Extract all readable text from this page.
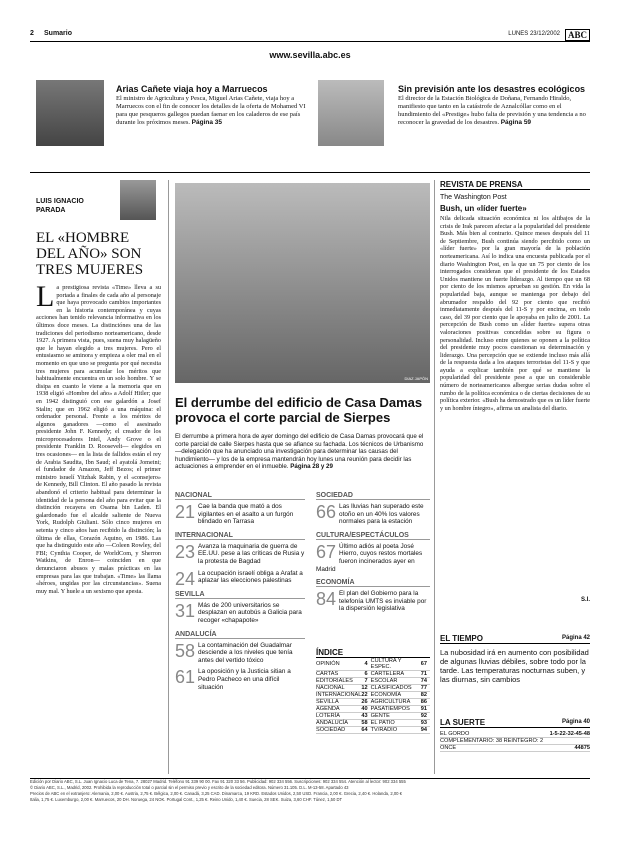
2 Sumario	LUNES 23/12/2002 ABC
www.sevilla.abc.es
Arias Cañete viaja hoy a Marruecos

El ministro de Agricultura y Pesca, Miguel Arias Cañete, viaja hoy a Marruecos con el fin de conocer los detalles de la oferta de Mohamed VI para que pesqueros gallegos puedan faenar en los caladeros de ese país durante los próximos meses. Página 35

Sin previsión ante los desastres ecológicos

El director de la Estación Biológica de Doñana, Fernando Hiraldo, manifiesto que tanto en la catástrofe de Aznalcóllar como en el hundimiento del «Prestige» hubo falta de previsión y una tendencia a no reconocer la gravedad de los desastres. Página 59

LUIS IGNACIO PARADA
EL «HOMBRE DEL AÑO» SON TRES MUJERES
La prestigiosa revista «Time» lleva a su portada a finales de cada año al personaje que haya provocado cambios importantes en la historia contemporánea y cuyas acciones han tenido relevancia informativa en los últimos doce meses. La distinciónes una de las tradiciones del periodismo norteamericano, desde 1927. A primera vista, pues, suena muy halagüeño que le hayan elegido a tres mujeres. Pero el entusiasmo se aminora y empieza a oler mal en el momento en que uno se pregunta por qué necesita tres mujeres para acumular los méritos que habitualmente encuentra en un solo hombre. Y se disipa en cuanto le viene a la memoria que en 1938 eligió «Hombre del año» a Adolf Hitler; que en 1942 distinguió con ese galardón a Josef Stalin; que en 1962 eligió a una máquina: el ordenador personal. Frente a los méritos de algunos ganadores —como el asesinado presidente John F. Kennedy; el creador de los microprocesadores Intel, Andy Grove o el presidente Franklin D. Roosevelt— elegidos en tres ocasiones— en la lista de fallidos están el rey de Arabia Saudita, Ibn Saud; el ayatolá Jomeini; el fundador de Amazon, Jeff Bezos; el primer ministro israelí Yitzhak Rabin, y el «consejero» de Kennedy, Bill Clinton. El año pasado la revista abandonó el criterio habitual para determinar la identidad de la persona del año para evitar que la distinción recayera en Osama bin Laden. El galardonado fue el alcalde saliente de Nueva York, Rudolph Giuliani. Sólo cinco mujeres en setenta y cinco años han recibido la distinción; la última de ellas, Corazón Aquino, en 1986. Las que ha distinguido este año —Coleen Rowley, del FBI; Cynthia Cooper, de WorldCom, y Sherron Watkins, de Enron— coinciden en que denunciaron abusos y malas prácticas en las empresas para las que trabajan. «Time» las llama «héroes, ungidas por las circunstancias». Suena muy mal. Y huele a un sexismo que apesta.
DIAZ JAPÓN
El derrumbe del edificio de Casa Damas provoca el corte parcial de Sierpes
El derrumbe a primera hora de ayer domingo del edificio de Casa Damas provocará que el corte parcial de calle Sierpes hasta que se afiance su fachada. Los técnicos de Urbanismo —delegación que ha anunciado una investigación para determinar las causas del hundimiento— y los de la empresa mantendrán hoy lunes una reunión para decidir las actuaciones a emprender en el inmueble. Página 28 y 29
NACIONAL
21 Cae la banda que mató a dos vigilantes en el asalto a un furgón blindado en Tarrasa
INTERNACIONAL
23 Avanza la maquinaria de guerra de EE.UU. pese a las críticas de Rusia y la protesta de Bagdad
24 La ocupación israelí obliga a Arafat a aplazar las elecciones palestinas
SEVILLA
31 Más de 200 universitarios se desplazan en autobús a Galicia para recoger «chapapote»
ANDALUCÍA
58 La contaminación del Guadalmar desciende a los niveles que tenía antes del vertido tóxico
61 La oposición y la Justicia sitian a Pedro Pacheco en una difícil situación
SOCIEDAD
66 Las lluvias han superado este otoño en un 40% los valores normales para la estación
CULTURA/ESPECTÁCULOS
67 Último adiós al poeta José Hierro, cuyos restos mortales fueron incinerados ayer en Madrid
ECONOMÍA
84 El plan del Gobierno para la telefonía UMTS es inviable por la dispersión legislativa
ÍNDICE
OPINIÓN	4	CULTURA Y ESPEC.	67
CARTAS	6	CARTELERA	71
EDITORIALES	7	ESCOLAR	74
NACIONAL	12	CLASIFICADOS	77
INTERNACIONAL	22	ECONOMÍA	82
SEVILLA	26	AGRICULTURA	86
AGENDA	40	PASATIEMPOS	91
LOTERÍA	43	GENTE	92
ANDALUCÍA	58	EL PATIO	93
SOCIEDAD	64	TV/RADIO	94
REVISTA DE PRENSA
The Washington Post
Bush, un «líder fuerte»
Nila delicada situación económica ni los altibajos de la crisis de Irak parecen afectar a la popularidad del presidente Bush. Más bien al contrario. Quince meses después del 11 de Septiembre, Bush continúa siendo percibido como un «líder fuerte» por la gran mayoría de la población norteamericana. Así lo indica una encuesta publicada por el diario Washington Post, en la que un 75 por ciento de los interrogados consideran que el presidente de los Estados Unidos mantiene un fuerte liderazgo. Al tiempo que un 68 por ciento de los mismos aprueban su gestión. En vida la popularidad baja, aunque se mantenga por debajo del abrumador respaldo del 92 por ciento que recibió inmediatamente después del 11-S y por encima, en todo caso, del 39 por ciento que le apoyaba en julio de 2001. La percepción de Bush como un «líder fuerte» supera otras valoraciones positivas concedidas sobre su figura o personalidad. Incluso entre quienes se oponen a la política del presidente muy pocos cuestionan su determinación y liderazgo. Una percepción que se extiende incluso más allá de la respuesta dada a los ataques terroristas del 11-S y que ayuda a explicar también por qué se mantiene la popularidad del presidente pese a que un considerable número de norteamericanos albergue serias dudas sobre el rumbo de la política económica o de ciertas decisiones de su política exterior. «Bush ha demostrado que es un líder fuerte y un hombre íntegro», afirma un analista del diario.
S.I.
EL TIEMPO	Página 42
La nubosidad irá en aumento con posibilidad de algunas lluvias débiles, sobre todo por la tarde. Las temperaturas nocturnas suben, y las diurnas, sin cambios
LA SUERTE	Página 40
EL GORDO	1-5-22-32-45-48
COMPLEMENTARIO: 38 REINTEGRO: 2	
ONCE	44875
Edición por Diario ABC, S.L. Juan Ignacio Luca de Tena, 7. 28027 Madrid. Teléfono 91 339 90 00. Fax 91 320 33 56. Publicidad: 902 334 556. Suscripciones: 902 334 554. Atención al lector: 902 334 555
© Diario ABC, S.L., Madrid, 2002. Prohibida la reproducción total o parcial sin el permiso previo y escrito de la sociedad editora. Número 31.105. D.L. M-13-58. Apartado 43
Precios de ABC en el extranjero: Alemania, 2,00 €. Austria, 2,75 €. Bélgica, 2,00 €. Canadá, 3,25 CAD. Dinamarca, 19 KRD. Estados Unidos, 2,50 USD. Francia, 2,00 €. Grecia, 2,40 €. Holanda, 2,00 €
Italia, 1,75 €. Luxemburgo, 2,00 €. Marruecos, 20 DH. Noruega, 24 NOK. Portugal Cont., 1,25 €. Reino Unido, 1,40 €. Suecia, 28 SEK. Suiza, 3,60 CHF. Túnez, 1,50 DT
